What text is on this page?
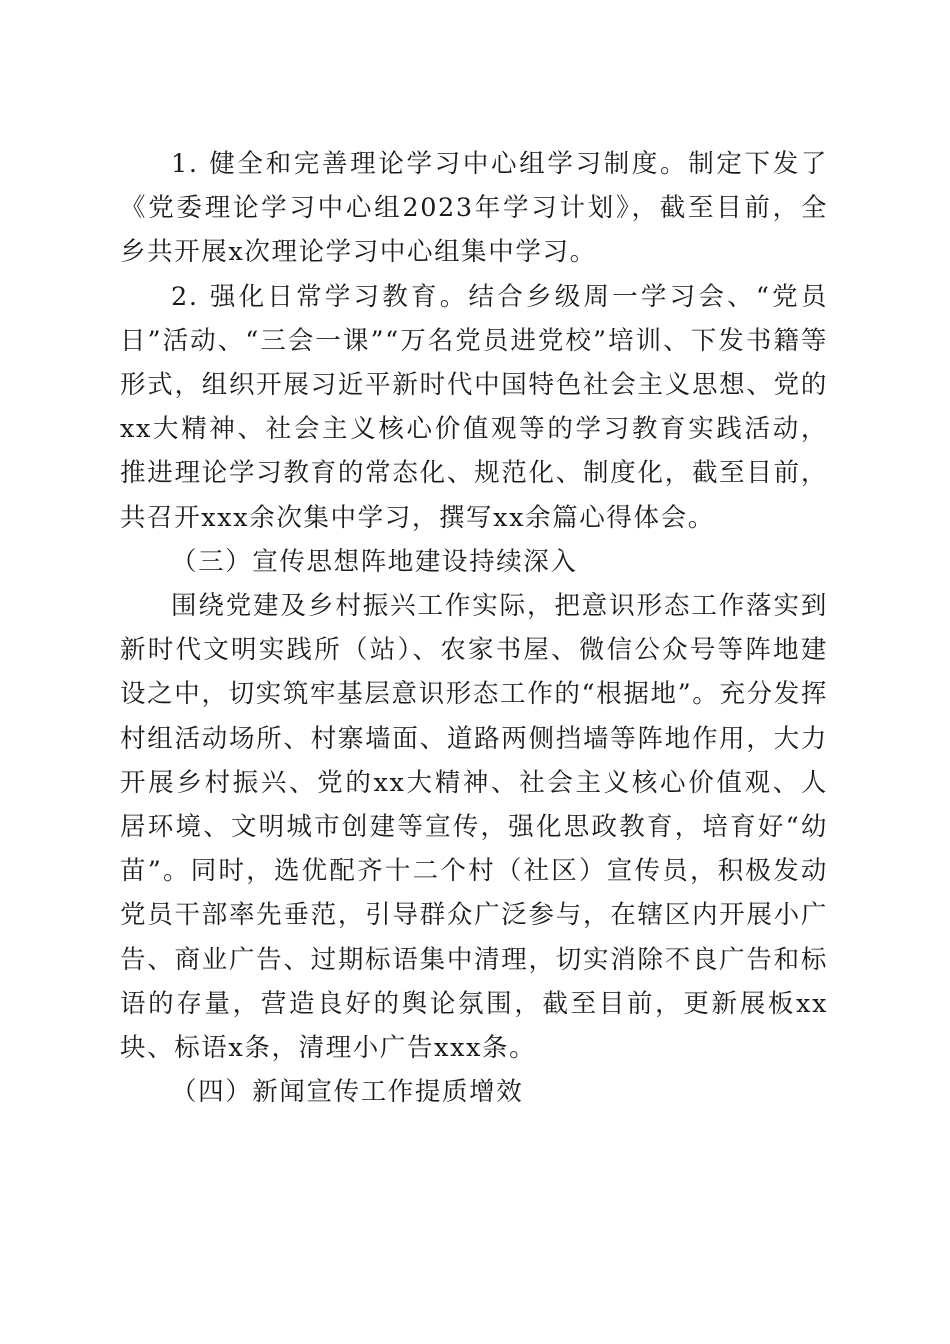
1. 健全和完善理论学习中心组学习制度。制定下发了《党委理论学习中心组2023年学习计划》，截至目前，全乡共开展x次理论学习中心组集中学习。

2. 强化日常学习教育。结合乡级周一学习会、“党员日”活动、“三会一课”“万名党员进党校”培训、下发书籍等形式，组织开展习近平新时代中国特色社会主义思想、党的xx大精神、社会主义核心价值观等的学习教育实践活动，推进理论学习教育的常态化、规范化、制度化，截至目前，共召开xxx余次集中学习，撰写xx余篇心得体会。

（三）宣传思想阵地建设持续深入

围绕党建及乡村振兴工作实际，把意识形态工作落实到新时代文明实践所（站）、农家书屋、微信公众号等阵地建设之中，切实筑牢基层意识形态工作的“根据地”。充分发挥村组活动场所、村寨墙面、道路两侧挡墙等阵地作用，大力开展乡村振兴、党的xx大精神、社会主义核心价值观、人居环境、文明城市创建等宣传，强化思政教育，培育好“幼苗”。同时，选优配齐十二个村（社区）宣传员，积极发动党员干部率先垂范，引导群众广泛参与，在辖区内开展小广告、商业广告、过期标语集中清理，切实消除不良广告和标语的存量，营造良好的舆论氛围，截至目前，更新展板xx块、标语x条，清理小广告xxx条。

（四）新闻宣传工作提质增效
